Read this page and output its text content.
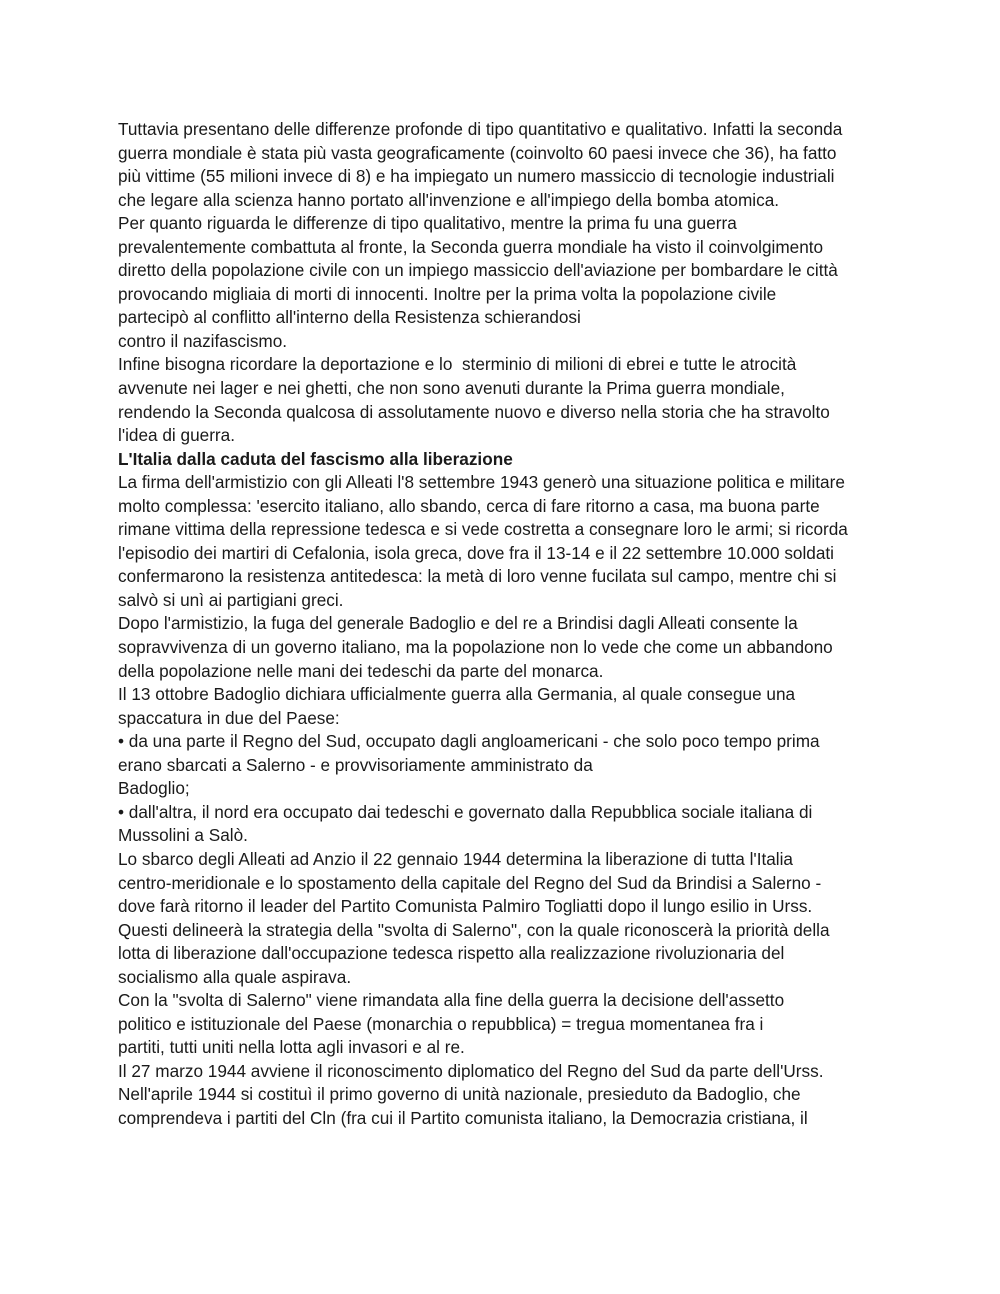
Tuttavia presentano delle differenze profonde di tipo quantitativo e qualitativo. Infatti la seconda
guerra mondiale è stata più vasta geograficamente (coinvolto 60 paesi invece che 36), ha fatto
più vittime (55 milioni invece di 8) e ha impiegato un numero massiccio di tecnologie industriali
che legare alla scienza hanno portato all'invenzione e all'impiego della bomba atomica.
Per quanto riguarda le differenze di tipo qualitativo, mentre la prima fu una guerra
prevalentemente combattuta al fronte, la Seconda guerra mondiale ha visto il coinvolgimento
diretto della popolazione civile con un impiego massiccio dell'aviazione per bombardare le città
provocando migliaia di morti di innocenti. Inoltre per la prima volta la popolazione civile
partecipò al conflitto all'interno della Resistenza schierandosi
contro il nazifascismo.
Infine bisogna ricordare la deportazione e lo  sterminio di milioni di ebrei e tutte le atrocità
avvenute nei lager e nei ghetti, che non sono avenuti durante la Prima guerra mondiale,
rendendo la Seconda qualcosa di assolutamente nuovo e diverso nella storia che ha stravolto
l'idea di guerra.
L'Italia dalla caduta del fascismo alla liberazione
La firma dell'armistizio con gli Alleati l'8 settembre 1943 generò una situazione politica e militare
molto complessa: 'esercito italiano, allo sbando, cerca di fare ritorno a casa, ma buona parte
rimane vittima della repressione tedesca e si vede costretta a consegnare loro le armi; si ricorda
l'episodio dei martiri di Cefalonia, isola greca, dove fra il 13-14 e il 22 settembre 10.000 soldati
confermarono la resistenza antitedesca: la metà di loro venne fucilata sul campo, mentre chi si
salvò si unì ai partigiani greci.
Dopo l'armistizio, la fuga del generale Badoglio e del re a Brindisi dagli Alleati consente la
sopravvivenza di un governo italiano, ma la popolazione non lo vede che come un abbandono
della popolazione nelle mani dei tedeschi da parte del monarca.
Il 13 ottobre Badoglio dichiara ufficialmente guerra alla Germania, al quale consegue una
spaccatura in due del Paese:
• da una parte il Regno del Sud, occupato dagli angloamericani - che solo poco tempo prima
erano sbarcati a Salerno - e provvisoriamente amministrato da
Badoglio;
• dall'altra, il nord era occupato dai tedeschi e governato dalla Repubblica sociale italiana di
Mussolini a Salò.
Lo sbarco degli Alleati ad Anzio il 22 gennaio 1944 determina la liberazione di tutta l'Italia
centro-meridionale e lo spostamento della capitale del Regno del Sud da Brindisi a Salerno -
dove farà ritorno il leader del Partito Comunista Palmiro Togliatti dopo il lungo esilio in Urss.
Questi delineerà la strategia della "svolta di Salerno", con la quale riconoscerà la priorità della
lotta di liberazione dall'occupazione tedesca rispetto alla realizzazione rivoluzionaria del
socialismo alla quale aspirava.
Con la "svolta di Salerno" viene rimandata alla fine della guerra la decisione dell'assetto
politico e istituzionale del Paese (monarchia o repubblica) = tregua momentanea fra i
partiti, tutti uniti nella lotta agli invasori e al re.
Il 27 marzo 1944 avviene il riconoscimento diplomatico del Regno del Sud da parte dell'Urss.
Nell'aprile 1944 si costituì il primo governo di unità nazionale, presieduto da Badoglio, che
comprendeva i partiti del Cln (fra cui il Partito comunista italiano, la Democrazia cristiana, il
